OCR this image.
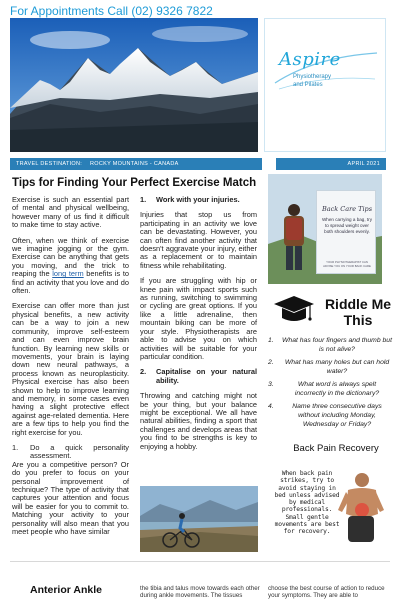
For Appointments Call (02) 9326 7822
Aspire
Physiotherapy
and Pilates
TRAVEL DESTINATION: ROCKY MOUNTAINS - CANADA	APRIL 2021
Tips for Finding Your Perfect Exercise Match

Exercise is such an essential part of mental and physical wellbeing, however many of us find it difficult to make time to stay active.

Often, when we think of exercise we imagine jogging or the gym. Exercise can be anything that gets you moving, and the trick to reaping the long term benefits is to find an activity that you love and do often.

Exercise can offer more than just physical benefits, a new activity can be a way to join a new community, improve self-esteem and can even improve brain function. By learning new skills or movements, your brain is laying down new neural pathways, a process known as neuroplasticity. Physical exercise has also been shown to help to improve learning and memory, in some cases even having a slight protective effect against age-related dementia. Here are a few tips to help you find the right exercise for you.

1. Do a quick personality assessment.

Are you a competitive person? Or do you prefer to focus on your personal improvement of technique? The type of activity that captures your attention and focus will be easier for you to commit to. Matching your activity to your personality will also mean that you meet people who have similar

1. Work with your injuries.

Injuries that stop us from participating in an activity we love can be devastating. However, you can often find another activity that doesn't aggravate your injury, either as a replacement or to maintain fitness while rehabilitating.

If you are struggling with hip or knee pain with impact sports such as running, switching to swimming or cycling are great options. If you like a little adrenaline, then mountain biking can be more of your style. Physiotherapists are able to advise you on which activities will be suitable for your particular condition.

2. Capitalise on your natural ability.

Throwing and catching might not be your thing, but your balance might be exceptional. We all have natural abilities, finding a sport that challenges and develops areas that you find to be strengths is key to enjoying a hobby.

Back Care Tips
When carrying a bag, try to spread weight over both shoulders evenly.
YOUR PHYSIOTHERAPIST CAN ADVISE YOU ON YOUR BACK CARE
Riddle Me This
1.	What has four fingers and thumb but is not alive?
2.	What has many holes but can hold water?
3.	What word is always spelt incorrectly in the dictionary?
4.	Name three consecutive days without including Monday, Wednesday or Friday?
Back Pain Recovery
When back pain strikes, try to avoid staying in bed unless advised by medical professionals. Small gentle movements are best for recovery.
Anterior Ankle	the tibia and talus move towards each other during ankle movements. The tissues
choose the best course of action to reduce your symptoms. They are able to
